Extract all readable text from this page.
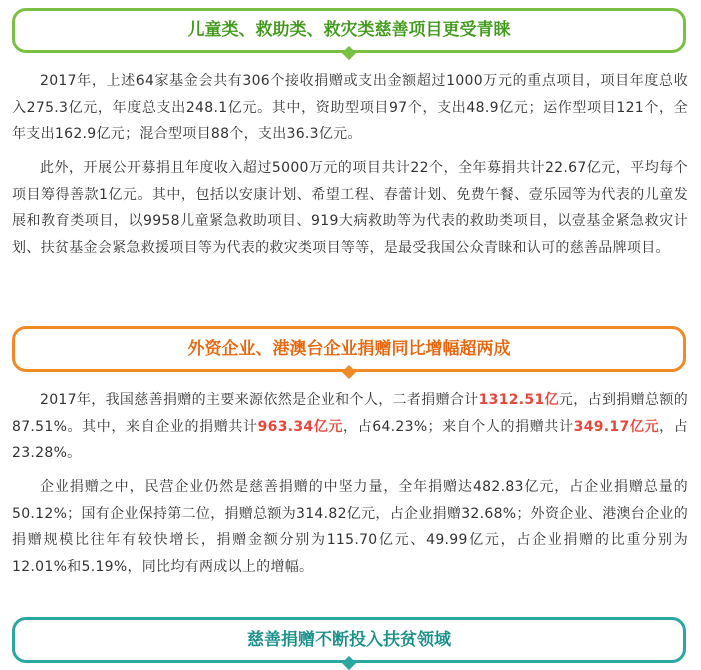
儿童类、救助类、救灾类慈善项目更受青睐

2017年，上述64家基金会共有306个接收捐赠或支出金额超过1000万元的重点项目，项目年度总收入275.3亿元，年度总支出248.1亿元。其中，资助型项目97个，支出48.9亿元；运作型项目121个，全年支出162.9亿元；混合型项目88个，支出36.3亿元。

此外，开展公开募捐且年度收入超过5000万元的项目共计22个，全年募捐共计22.67亿元，平均每个项目筹得善款1亿元。其中，包括以安康计划、希望工程、春蕾计划、免费午餐、壹乐园等为代表的儿童发展和教育类项目，以9958儿童紧急救助项目、919大病救助等为代表的救助类项目，以壹基金紧急救灾计划、扶贫基金会紧急救援项目等为代表的救灾类项目等等，是最受我国公众青睐和认可的慈善品牌项目。

外资企业、港澳台企业捐赠同比增幅超两成

2017年，我国慈善捐赠的主要来源依然是企业和个人，二者捐赠合计1312.51亿元，占到捐赠总额的87.51%。其中，来自企业的捐赠共计963.34亿元，占64.23%；来自个人的捐赠共计349.17亿元，占23.28%。

企业捐赠之中，民营企业仍然是慈善捐赠的中坚力量，全年捐赠达482.83亿元，占企业捐赠总量的50.12%；国有企业保持第二位，捐赠总额为314.82亿元，占企业捐赠32.68%；外资企业、港澳台企业的捐赠规模比往年有较快增长，捐赠金额分别为115.70亿元、49.99亿元，占企业捐赠的比重分别为12.01%和5.19%，同比均有两成以上的增幅。

慈善捐赠不断投入扶贫领域
